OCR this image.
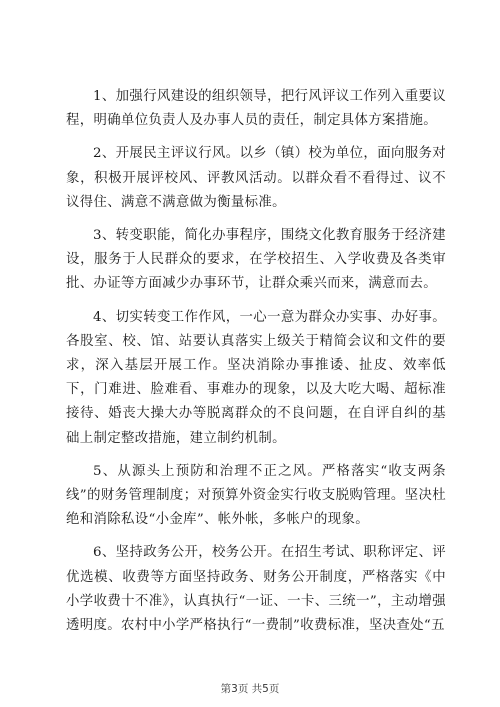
1、加强行风建设的组织领导，把行风评议工作列入重要议程，明确单位负责人及办事人员的责任，制定具体方案措施。

2、开展民主评议行风。以乡（镇）校为单位，面向服务对象，积极开展评校风、评教风活动。以群众看不看得过、议不议得住、满意不满意做为衡量标准。

3、转变职能，简化办事程序，围绕文化教育服务于经济建设，服务于人民群众的要求，在学校招生、入学收费及各类审批、办证等方面减少办事环节，让群众乘兴而来，满意而去。

4、切实转变工作作风，一心一意为群众办实事、办好事。各股室、校、馆、站要认真落实上级关于精简会议和文件的要求，深入基层开展工作。坚决消除办事推诿、扯皮、效率低下，门难进、脸难看、事难办的现象，以及大吃大喝、超标准接待、婚丧大操大办等脱离群众的不良问题，在自评自纠的基础上制定整改措施，建立制约机制。

5、从源头上预防和治理不正之风。严格落实“收支两条线”的财务管理制度；对预算外资金实行收支脱购管理。坚决杜绝和消除私设“小金库”、帐外帐，多帐户的现象。

6、坚持政务公开，校务公开。在招生考试、职称评定、评优选模、收费等方面坚持政务、财务公开制度，严格落实《中小学收费十不准》，认真执行“一证、一卡、三统一”，主动增强透明度。农村中小学严格执行“一费制”收费标准，坚决查处“五

第3页 共5页
